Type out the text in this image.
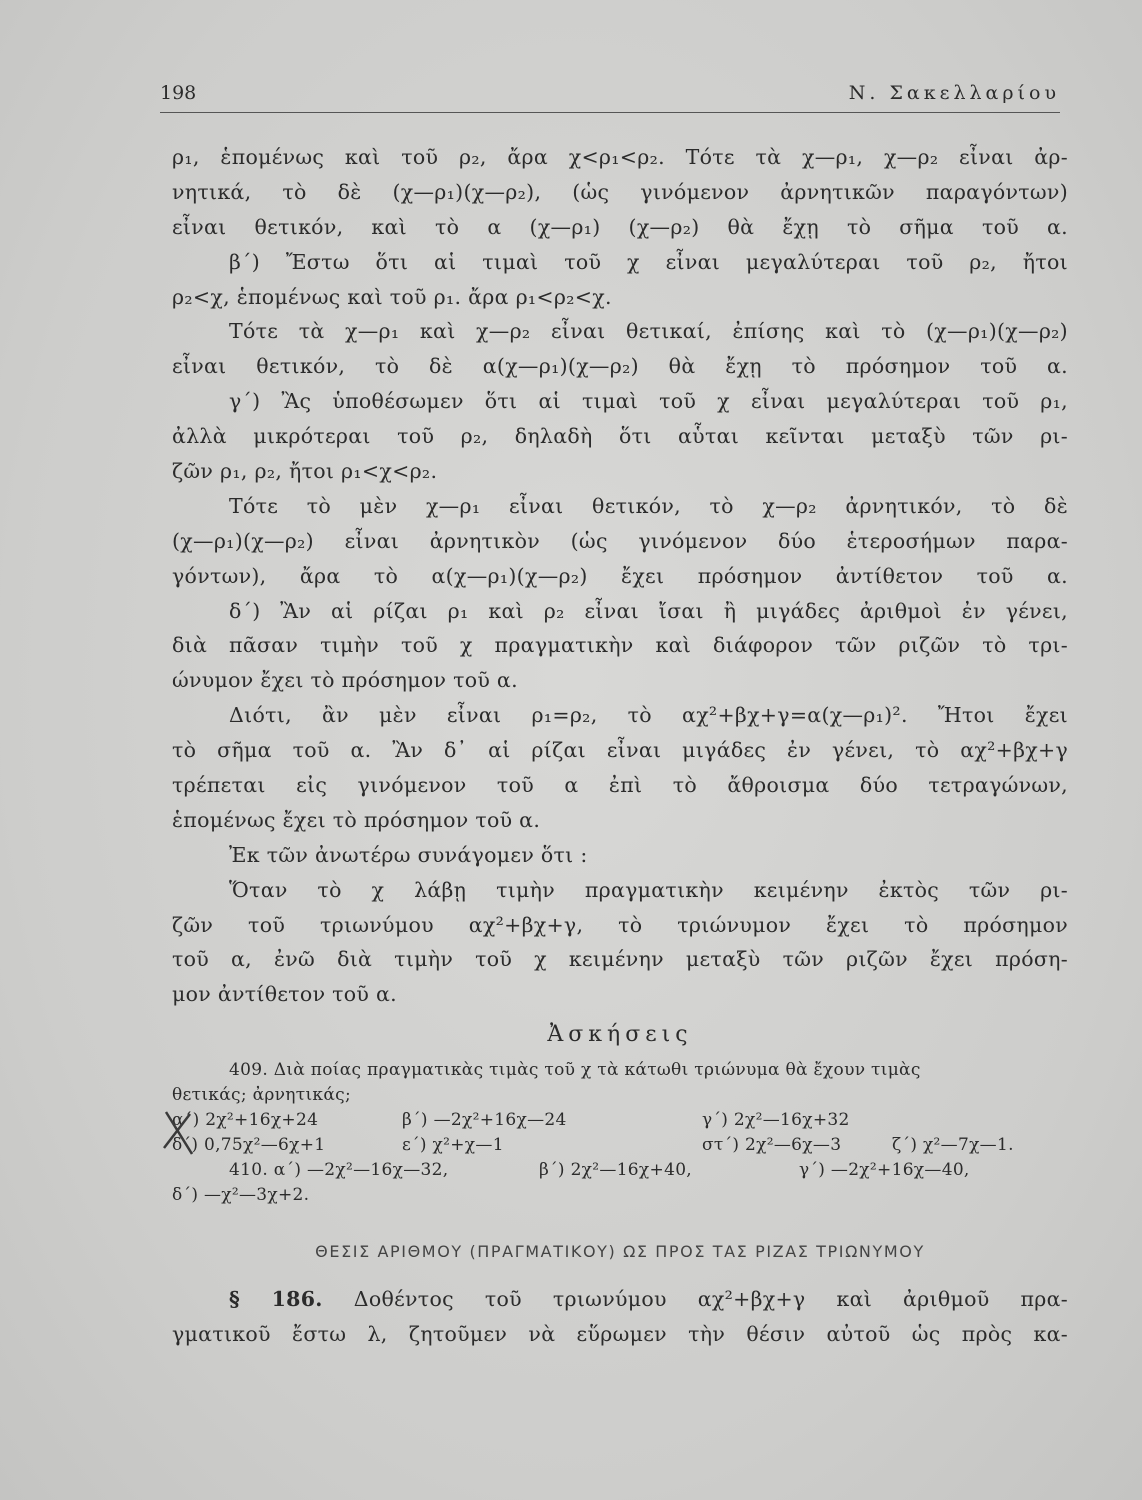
198	Ν. Σακελλαρίου
ρ₁, ἑπομένως καὶ τοῦ ρ₂, ἄρα χ<ρ₁<ρ₂. Τότε τὰ χ—ρ₁, χ—ρ₂ εἶναι ἀρ-
νητικά, τὸ δὲ (χ—ρ₁)(χ—ρ₂), (ὡς γινόμενον ἀρνητικῶν παραγόντων)
εἶναι θετικόν, καὶ τὸ α (χ—ρ₁) (χ—ρ₂) θὰ ἔχῃ τὸ σῆμα τοῦ α.
β΄) Ἔστω ὅτι αἱ τιμαὶ τοῦ χ εἶναι μεγαλύτεραι τοῦ ρ₂, ἤτοι
ρ₂<χ, ἑπομένως καὶ τοῦ ρ₁. ἄρα ρ₁<ρ₂<χ.
Τότε τὰ χ—ρ₁ καὶ χ—ρ₂ εἶναι θετικαί, ἐπίσης καὶ τὸ (χ—ρ₁)(χ—ρ₂)
εἶναι θετικόν, τὸ δὲ α(χ—ρ₁)(χ—ρ₂) θὰ ἔχῃ τὸ πρόσημον τοῦ α.
γ΄) Ἂς ὑποθέσωμεν ὅτι αἱ τιμαὶ τοῦ χ εἶναι μεγαλύτεραι τοῦ ρ₁,
ἀλλὰ μικρότεραι τοῦ ρ₂, δηλαδὴ ὅτι αὗται κεῖνται μεταξὺ τῶν ρι-
ζῶν ρ₁, ρ₂, ἤτοι ρ₁<χ<ρ₂.
Τότε τὸ μὲν χ—ρ₁ εἶναι θετικόν, τὸ χ—ρ₂ ἀρνητικόν, τὸ δὲ
(χ—ρ₁)(χ—ρ₂) εἶναι ἀρνητικὸν (ὡς γινόμενον δύο ἑτεροσήμων παρα-
γόντων), ἄρα τὸ α(χ—ρ₁)(χ—ρ₂) ἔχει πρόσημον ἀντίθετον τοῦ α.
δ΄) Ἂν αἱ ρίζαι ρ₁ καὶ ρ₂ εἶναι ἴσαι ἢ μιγάδες ἀριθμοὶ ἐν γένει,
διὰ πᾶσαν τιμὴν τοῦ χ πραγματικὴν καὶ διάφορον τῶν ριζῶν τὸ τρι-
ώνυμον ἔχει τὸ πρόσημον τοῦ α.
Διότι, ἂν μὲν εἶναι ρ₁=ρ₂, τὸ αχ²+βχ+γ=α(χ—ρ₁)². Ἤτοι ἔχει
τὸ σῆμα τοῦ α. Ἂν δ᾿ αἱ ρίζαι εἶναι μιγάδες ἐν γένει, τὸ αχ²+βχ+γ
τρέπεται εἰς γινόμενον τοῦ α ἐπὶ τὸ ἄθροισμα δύο τετραγώνων,
ἑπομένως ἔχει τὸ πρόσημον τοῦ α.
Ἐκ τῶν ἀνωτέρω συνάγομεν ὅτι :
Ὅταν τὸ χ λάβῃ τιμὴν πραγματικὴν κειμένην ἐκτὸς τῶν ρι-
ζῶν τοῦ τριωνύμου αχ²+βχ+γ, τὸ τριώνυμον ἔχει τὸ πρόσημον
τοῦ α, ἐνῶ διὰ τιμὴν τοῦ χ κειμένην μεταξὺ τῶν ριζῶν ἔχει πρόση-
μον ἀντίθετον τοῦ α.
Ἀσκήσεις
409. Διὰ ποίας πραγματικὰς τιμὰς τοῦ χ τὰ κάτωθι τριώνυμα θὰ ἔχουν τιμὰς
θετικάς; ἀρνητικάς;
α΄) 2χ²+16χ+24	β΄) —2χ²+16χ—24	γ΄) 2χ²—16χ+32
δ΄) 0,75χ²—6χ+1	ε΄) χ²+χ—1	στ΄) 2χ²—6χ—3	ζ΄) χ²—7χ—1.
410. α΄) —2χ²—16χ—32,	β΄) 2χ²—16χ+40,	γ΄) —2χ²+16χ—40,
δ΄) —χ²—3χ+2.
ΘΕΣΙΣ ΑΡΙΘΜΟΥ (ΠΡΑΓΜΑΤΙΚΟΥ) ΩΣ ΠΡΟΣ ΤΑΣ ΡΙΖΑΣ ΤΡΙΩΝΥΜΟΥ
§ 186. Δοθέντος τοῦ τριωνύμου αχ²+βχ+γ καὶ ἀριθμοῦ πρα-
γματικοῦ ἔστω λ, ζητοῦμεν νὰ εὕρωμεν τὴν θέσιν αὐτοῦ ὡς πρὸς κα-
